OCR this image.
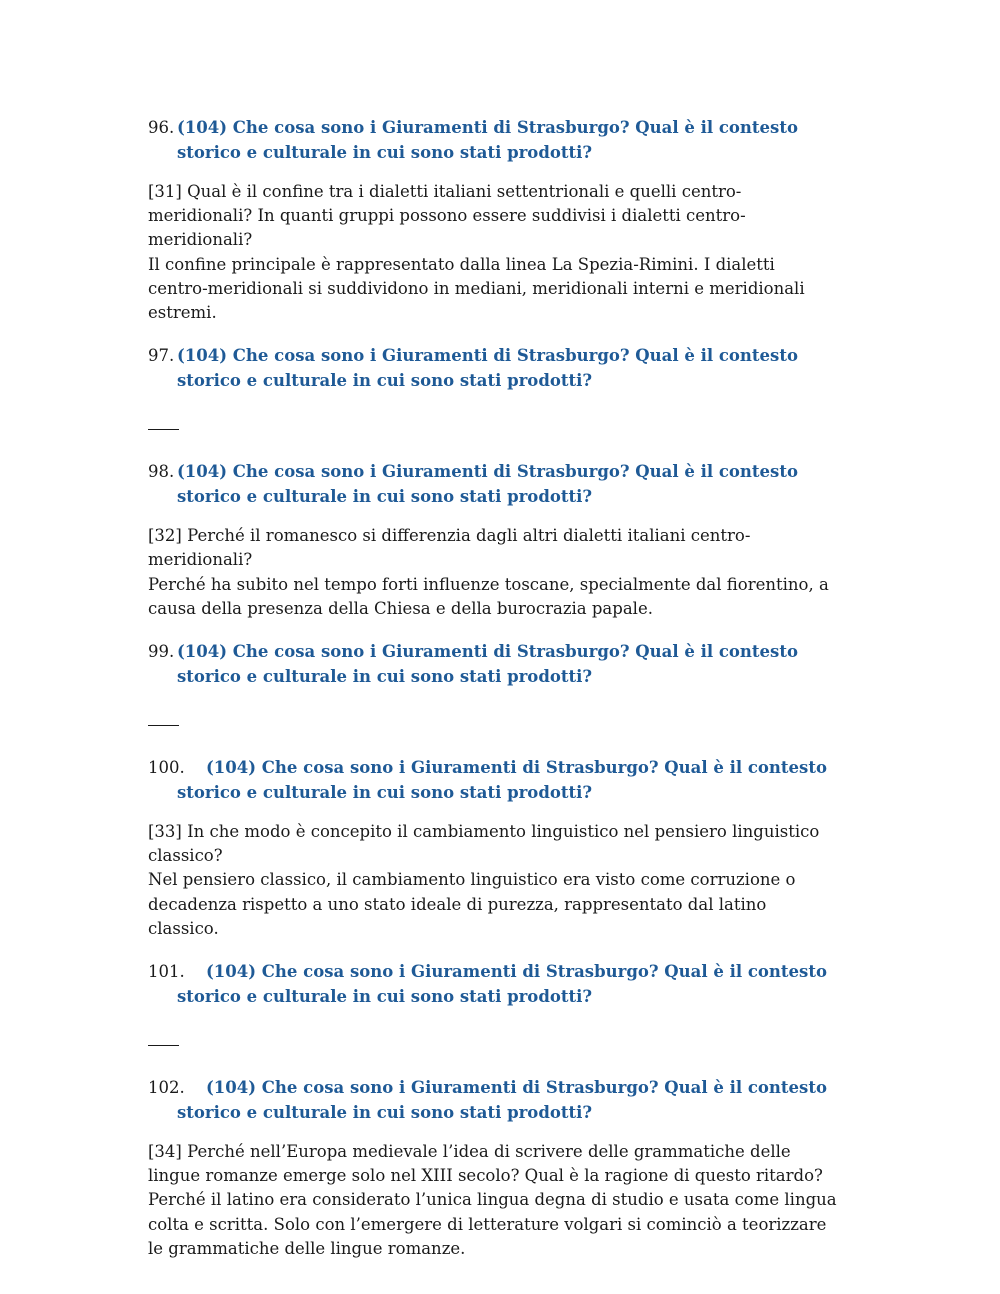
96. (104) Che cosa sono i Giuramenti di Strasburgo? Qual è il contesto storico e culturale in cui sono stati prodotti?
[31] Qual è il confine tra i dialetti italiani settentrionali e quelli centro-meridionali? In quanti gruppi possono essere suddivisi i dialetti centro-meridionali?
Il confine principale è rappresentato dalla linea La Spezia-Rimini. I dialetti centro-meridionali si suddividono in mediani, meridionali interni e meridionali estremi.
97. (104) Che cosa sono i Giuramenti di Strasburgo? Qual è il contesto storico e culturale in cui sono stati prodotti?
98. (104) Che cosa sono i Giuramenti di Strasburgo? Qual è il contesto storico e culturale in cui sono stati prodotti?
[32] Perché il romanesco si differenzia dagli altri dialetti italiani centro-meridionali?
Perché ha subito nel tempo forti influenze toscane, specialmente dal fiorentino, a causa della presenza della Chiesa e della burocrazia papale.
99. (104) Che cosa sono i Giuramenti di Strasburgo? Qual è il contesto storico e culturale in cui sono stati prodotti?
100. (104) Che cosa sono i Giuramenti di Strasburgo? Qual è il contesto storico e culturale in cui sono stati prodotti?
[33] In che modo è concepito il cambiamento linguistico nel pensiero linguistico classico?
Nel pensiero classico, il cambiamento linguistico era visto come corruzione o decadenza rispetto a uno stato ideale di purezza, rappresentato dal latino classico.
101. (104) Che cosa sono i Giuramenti di Strasburgo? Qual è il contesto storico e culturale in cui sono stati prodotti?
102. (104) Che cosa sono i Giuramenti di Strasburgo? Qual è il contesto storico e culturale in cui sono stati prodotti?
[34] Perché nell’Europa medievale l’idea di scrivere delle grammatiche delle lingue romanze emerge solo nel XIII secolo? Qual è la ragione di questo ritardo?
Perché il latino era considerato l’unica lingua degna di studio e usata come lingua colta e scritta. Solo con l’emergere di letterature volgari si cominciò a teorizzare le grammatiche delle lingue romanze.
